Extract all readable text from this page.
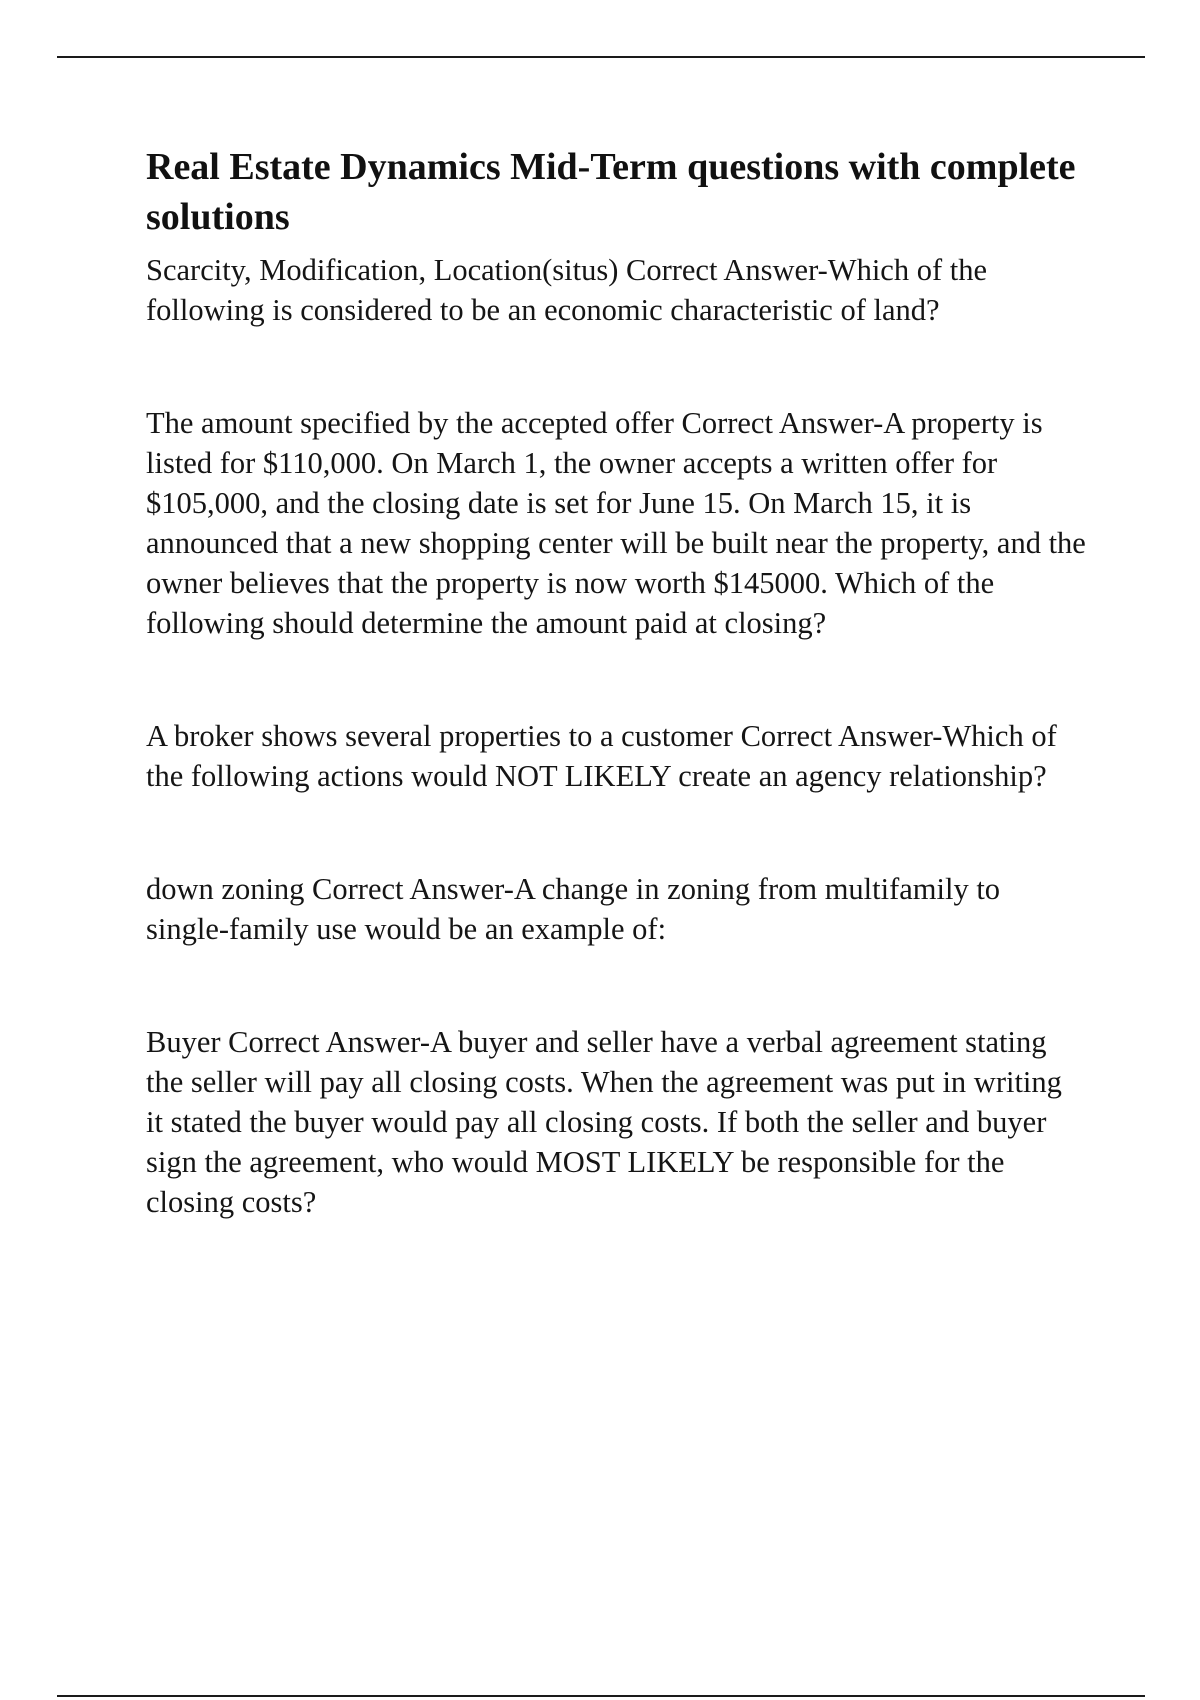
Real Estate Dynamics Mid-Term questions with complete solutions

Scarcity, Modification, Location(situs) Correct Answer-Which of the following is considered to be an economic characteristic of land?

The amount specified by the accepted offer Correct Answer-A property is listed for $110,000. On March 1, the owner accepts a written offer for $105,000, and the closing date is set for June 15. On March 15, it is announced that a new shopping center will be built near the property, and the owner believes that the property is now worth $145000. Which of the following should determine the amount paid at closing?

A broker shows several properties to a customer Correct Answer-Which of the following actions would NOT LIKELY create an agency relationship?

down zoning Correct Answer-A change in zoning from multifamily to single-family use would be an example of:

Buyer Correct Answer-A buyer and seller have a verbal agreement stating the seller will pay all closing costs. When the agreement was put in writing it stated the buyer would pay all closing costs. If both the seller and buyer sign the agreement, who would MOST LIKELY be responsible for the closing costs?
